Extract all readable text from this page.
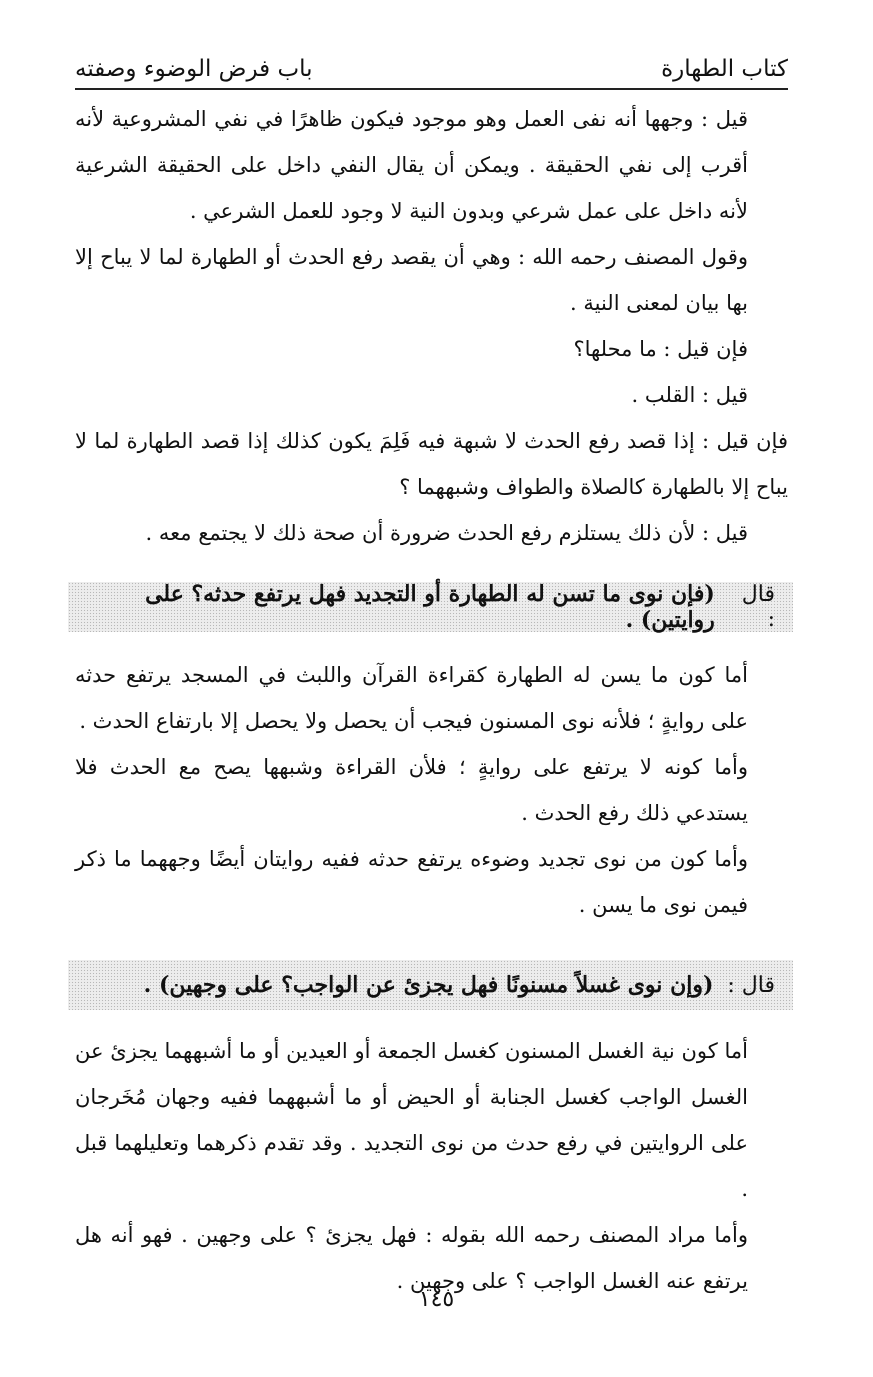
كتاب الطهارة
باب فرض الوضوء وصفته

قيل : وجهها أنه نفى العمل وهو موجود فيكون ظاهرًا في نفي المشروعية لأنه أقرب إلى نفي الحقيقة . ويمكن أن يقال النفي داخل على الحقيقة الشرعية لأنه داخل على عمل شرعي وبدون النية لا وجود للعمل الشرعي .

وقول المصنف رحمه الله : وهي أن يقصد رفع الحدث أو الطهارة لما لا يباح إلا بها بيان لمعنى النية .

فإن قيل : ما محلها؟

قيل : القلب .

فإن قيل : إذا قصد رفع الحدث لا شبهة فيه فَلِمَ يكون كذلك إذا قصد الطهارة لما لا يباح إلا بالطهارة كالصلاة والطواف وشبههما ؟

قيل : لأن ذلك يستلزم رفع الحدث ضرورة أن صحة ذلك لا يجتمع معه .

قال :
(فإن نوى ما تسن له الطهارة أو التجديد فهل يرتفع حدثه؟ على روايتين) .

أما كون ما يسن له الطهارة كقراءة القرآن واللبث في المسجد يرتفع حدثه على روايةٍ ؛ فلأنه نوى المسنون فيجب أن يحصل ولا يحصل إلا بارتفاع الحدث .

وأما كونه لا يرتفع على روايةٍ ؛ فلأن القراءة وشبهها يصح مع الحدث فلا يستدعي ذلك رفع الحدث .

وأما كون من نوى تجديد وضوءه يرتفع حدثه ففيه روايتان أيضًا وجههما ما ذكر فيمن نوى ما يسن .

قال :
(وإن نوى غسلاً مسنونًا فهل يجزئ عن الواجب؟ على وجهين) .

أما كون نية الغسل المسنون كغسل الجمعة أو العيدين أو ما أشبههما يجزئ عن الغسل الواجب كغسل الجنابة أو الحيض أو ما أشبههما ففيه وجهان مُخَرجان على الروايتين في رفع حدث من نوى التجديد . وقد تقدم ذكرهما وتعليلهما قبل .

وأما مراد المصنف رحمه الله بقوله : فهل يجزئ ؟ على وجهين . فهو أنه هل يرتفع عنه الغسل الواجب ؟ على وجهين .

١٤٥
